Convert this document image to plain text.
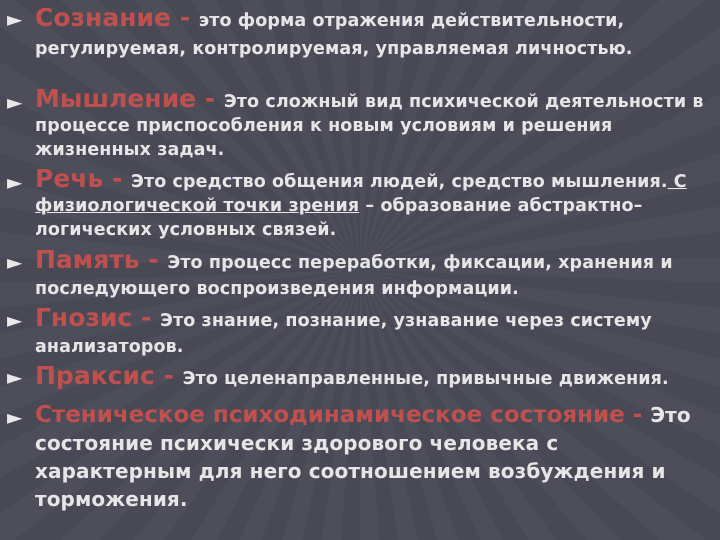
► Сознание - это форма отражения действительности, регулируемая, контролируемая, управляемая личностью.
► Мышление - Это сложный вид психической деятельности в процессе приспособления к новым условиям и решения жизненных задач.
► Речь - Это средство общения людей, средство мышления. С физиологической точки зрения – образование абстрактно–логических условных связей.
► Память - Это процесс переработки, фиксации, хранения и последующего воспроизведения информации.
► Гнозис - Это знание, познание, узнавание через систему анализаторов.
► Праксис - Это целенаправленные, привычные движения.
► Стеническое психодинамическое состояние - Это состояние психически здорового человека с характерным для него соотношением возбуждения и торможения.
